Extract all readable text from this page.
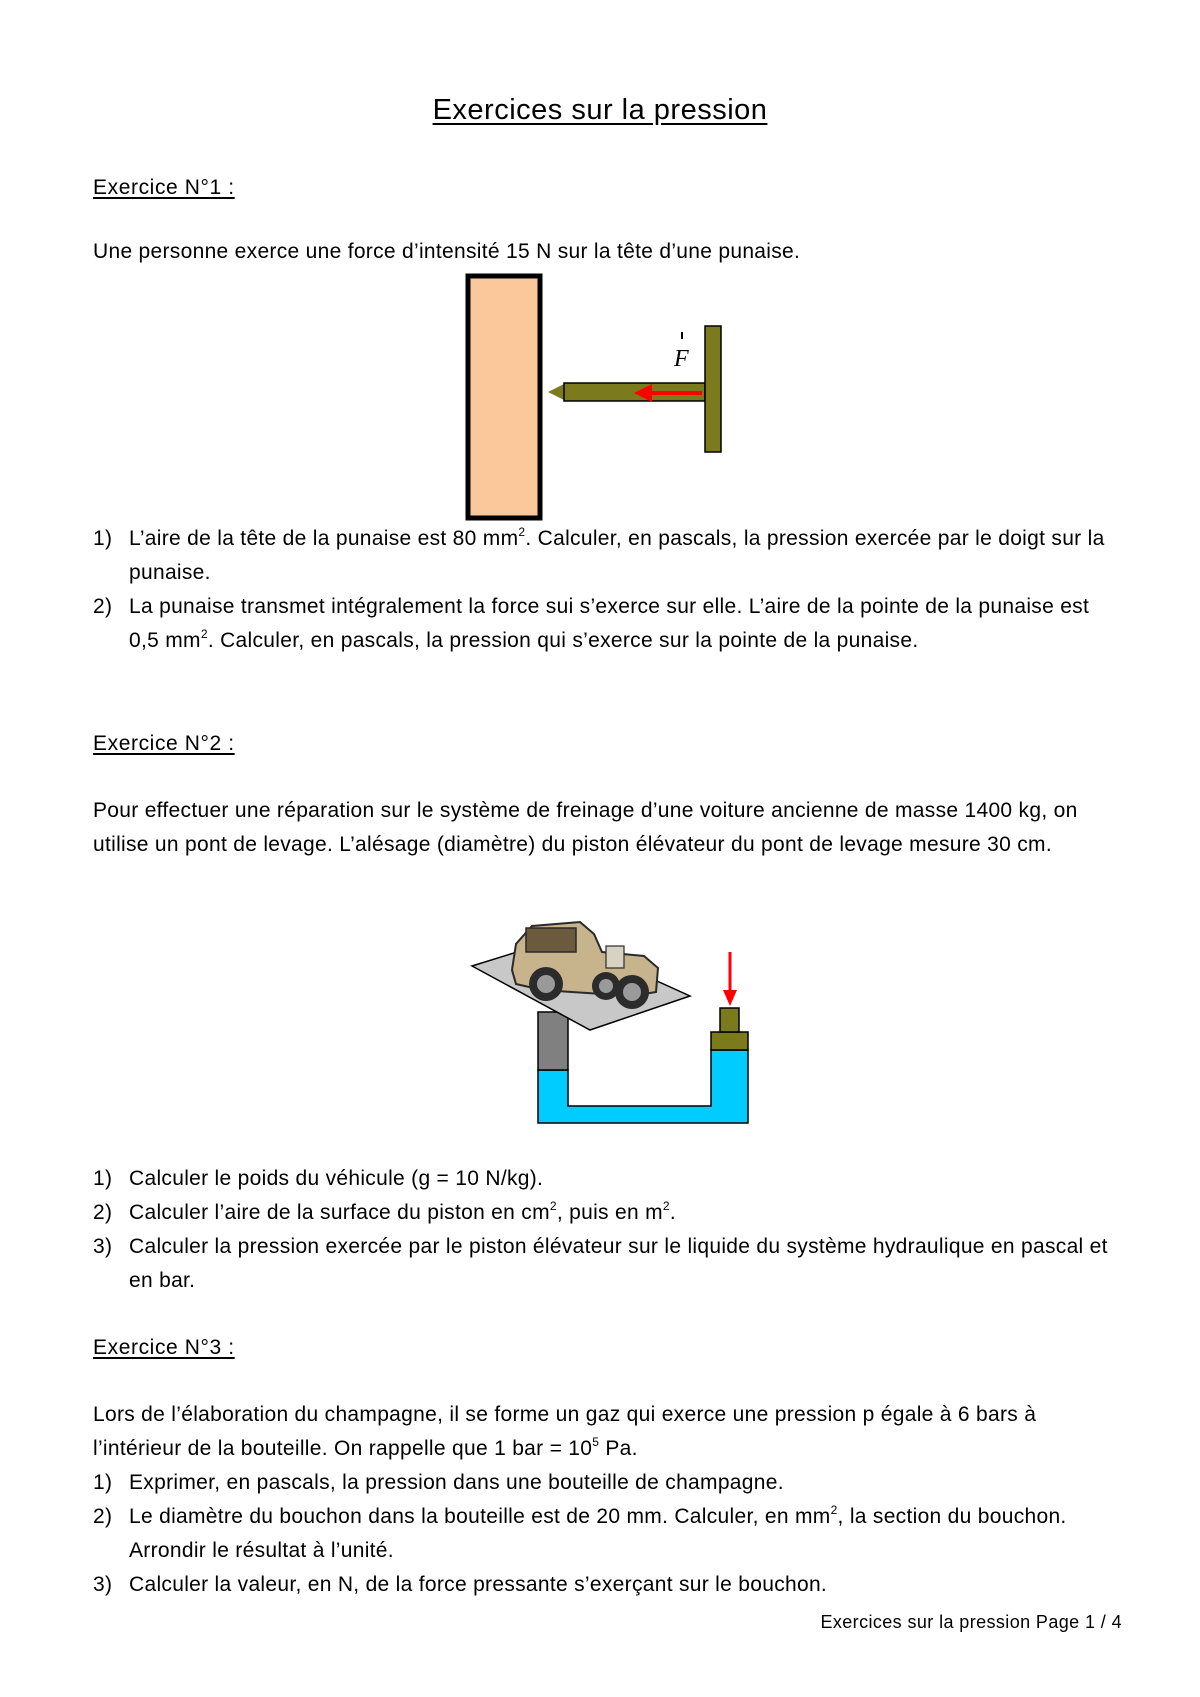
Exercices sur la pression
Exercice N°1 :
Une personne exerce une force d’intensité 15 N sur la tête d’une punaise.
F
1) L’aire de la tête de la punaise est 80 $mm^2$. Calculer, en pascals, la pression exercée par le doigt sur la punaise.
2) La punaise transmet intégralement la force sui s’exerce sur elle. L’aire de la pointe de la punaise est 0,5 $mm^2$. Calculer, en pascals, la pression qui s’exerce sur la pointe de la punaise.
Exercice N°2 :
Pour effectuer une réparation sur le système de freinage d’une voiture ancienne de masse 1400 kg, on utilise un pont de levage. L’alésage (diamètre) du piston élévateur du pont de levage mesure 30 cm.
1) Calculer le poids du véhicule (g = 10 N/kg).
2) Calculer l’aire de la surface du piston en $cm^2$, puis en $m^2$.
3) Calculer la pression exercée par le piston élévateur sur le liquide du système hydraulique en pascal et en bar.
Exercice N°3 :
Lors de l’élaboration du champagne, il se forme un gaz qui exerce une pression p égale à 6 bars à l’intérieur de la bouteille. On rappelle que 1 bar = $10^5$ Pa.
1) Exprimer, en pascals, la pression dans une bouteille de champagne.
2) Le diamètre du bouchon dans la bouteille est de 20 mm. Calculer, en $mm^2$, la section du bouchon. Arrondir le résultat à l’unité.
3) Calculer la valeur, en N, de la force pressante s’exerçant sur le bouchon.
Exercices sur la pression Page 1 / 4
